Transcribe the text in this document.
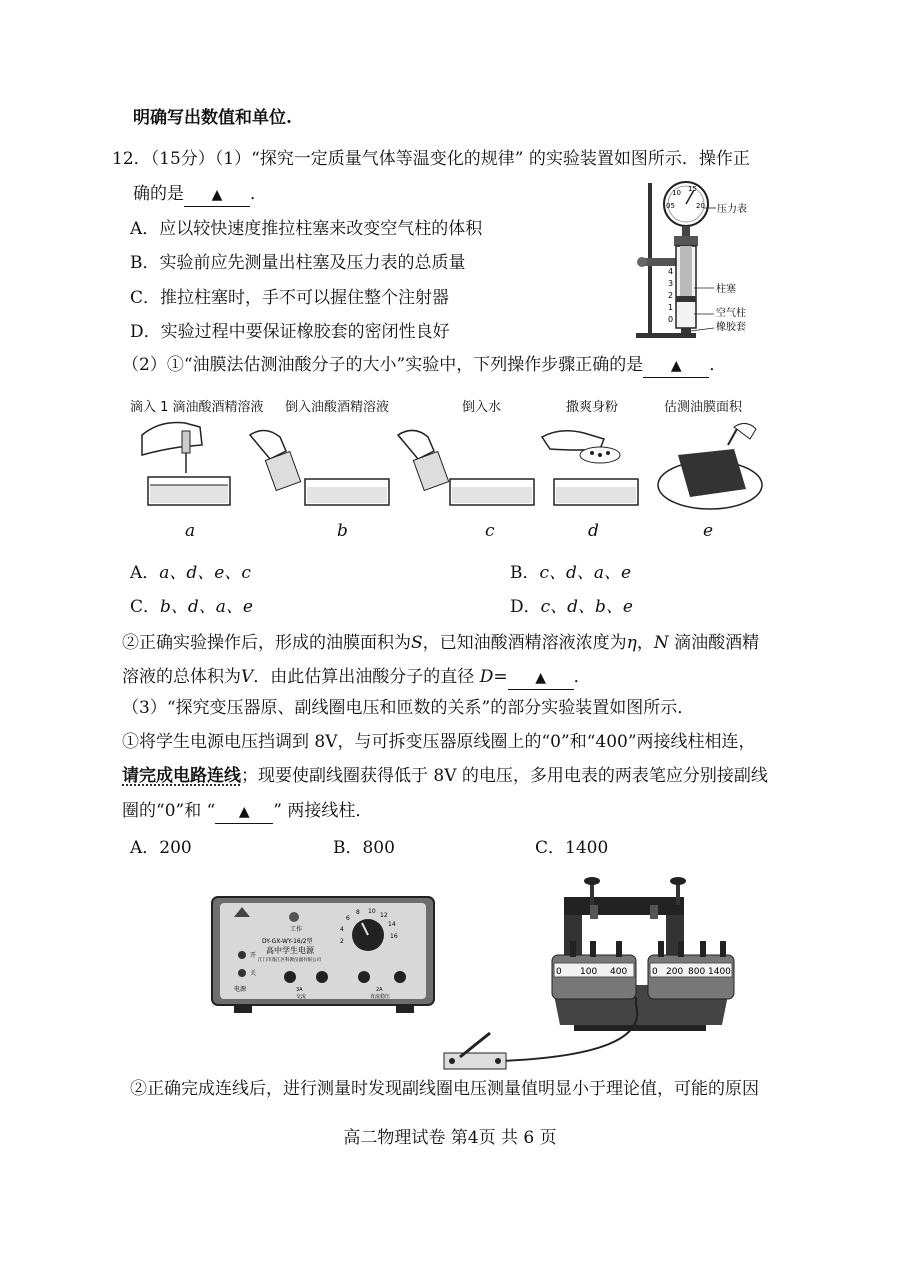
明确写出数值和单位.
12．（15分）（1）“探究一定质量气体等温变化的规律” 的实验装置如图所示．操作正
确的是 ▲ ．
A．应以较快速度推拉柱塞来改变空气柱的体积
B．实验前应先测量出柱塞及压力表的总质量
C．推拉柱塞时，手不可以握住整个注射器
D．实验过程中要保证橡胶套的密闭性良好
05
10 15
20
4
3
2
1
0
压力表
柱塞
空气柱
橡胶套
（2）①“油膜法估测油酸分子的大小”实验中，下列操作步骤正确的是 ▲ ．
滴入 1 滴油酸酒精溶液 倒入油酸酒精溶液	倒入水	撒爽身粉	估测油膜面积
a	b	c	d	e
A．a、d、e、c	B．c、d、a、e
C．b、d、a、e	D．c、d、b、e
②正确实验操作后，形成的油膜面积为S，已知油酸酒精溶液浓度为η，N 滴油酸酒精
溶液的总体积为V．由此估算出油酸分子的直径 D= ▲ ．
（3）“探究变压器原、副线圈电压和匝数的关系”的部分实验装置如图所示．
①将学生电源电压挡调到 8V，与可拆变压器原线圈上的“0”和“400”两接线柱相连，
请完成电路连线；现要使副线圈获得低于 8V 的电压，多用电表的两表笔应分别接副线
圈的“0”和 “ ▲ ” 两接线柱．
A．200	B．800	C．1400
工作
DY-GX-WY-16/2型
高中学生电源
江门市蓬江区科教仪器有限公司
2
4
6
8 10
12
14
16
开
关
电源	3A
交流
2A
直流稳压
0 100 400	0 200 800 1400
②正确完成连线后，进行测量时发现副线圈电压测量值明显小于理论值，可能的原因
高二物理试卷 第4页 共 6 页
